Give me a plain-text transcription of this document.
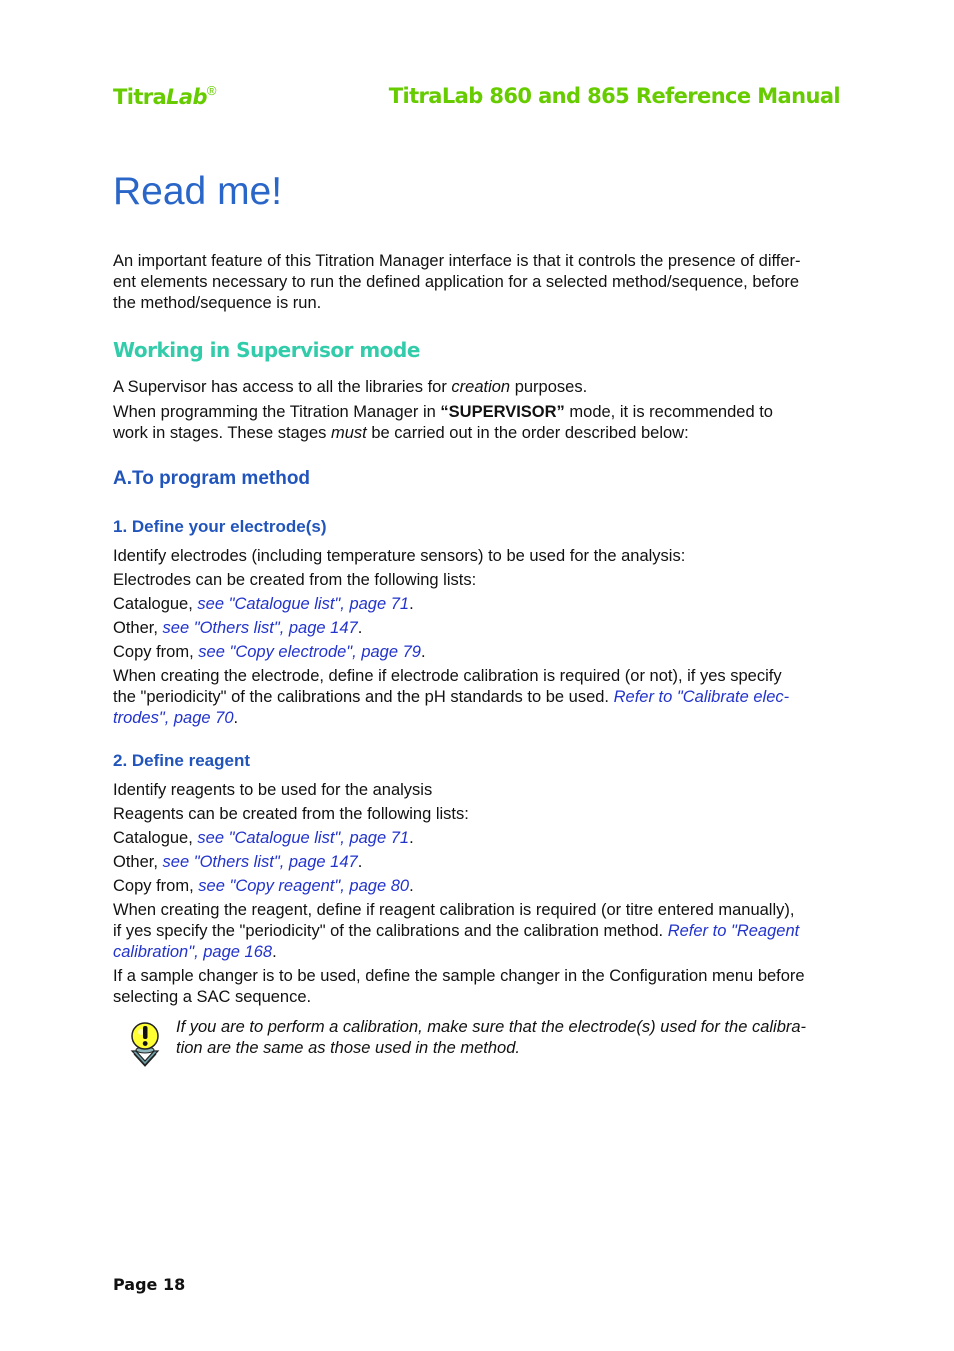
TitraLab®	TitraLab 860 and 865 Reference Manual
Read me!

An important feature of this Titration Manager interface is that it controls the presence of differ-
ent elements necessary to run the defined application for a selected method/sequence, before
the method/sequence is run.

Working in Supervisor mode

A Supervisor has access to all the libraries for creation purposes.

When programming the Titration Manager in “SUPERVISOR” mode, it is recommended to
work in stages. These stages must be carried out in the order described below:

A.To program method
1. Define your electrode(s)

Identify electrodes (including temperature sensors) to be used for the analysis:

Electrodes can be created from the following lists:

Catalogue, see "Catalogue list", page 71.

Other, see "Others list", page 147.

Copy from, see "Copy electrode", page 79.

When creating the electrode, define if electrode calibration is required (or not), if yes specify
the "periodicity" of the calibrations and the pH standards to be used. Refer to "Calibrate elec-
trodes", page 70.

2. Define reagent

Identify reagents to be used for the analysis

Reagents can be created from the following lists:

Catalogue, see "Catalogue list", page 71.

Other, see "Others list", page 147.

Copy from, see "Copy reagent", page 80.

When creating the reagent, define if reagent calibration is required (or titre entered manually),
if yes specify the "periodicity" of the calibrations and the calibration method. Refer to "Reagent
calibration", page 168.

If a sample changer is to be used, define the sample changer in the Configuration menu before
selecting a SAC sequence.

If you are to perform a calibration, make sure that the electrode(s) used for the calibra-
tion are the same as those used in the method.

Page 18
